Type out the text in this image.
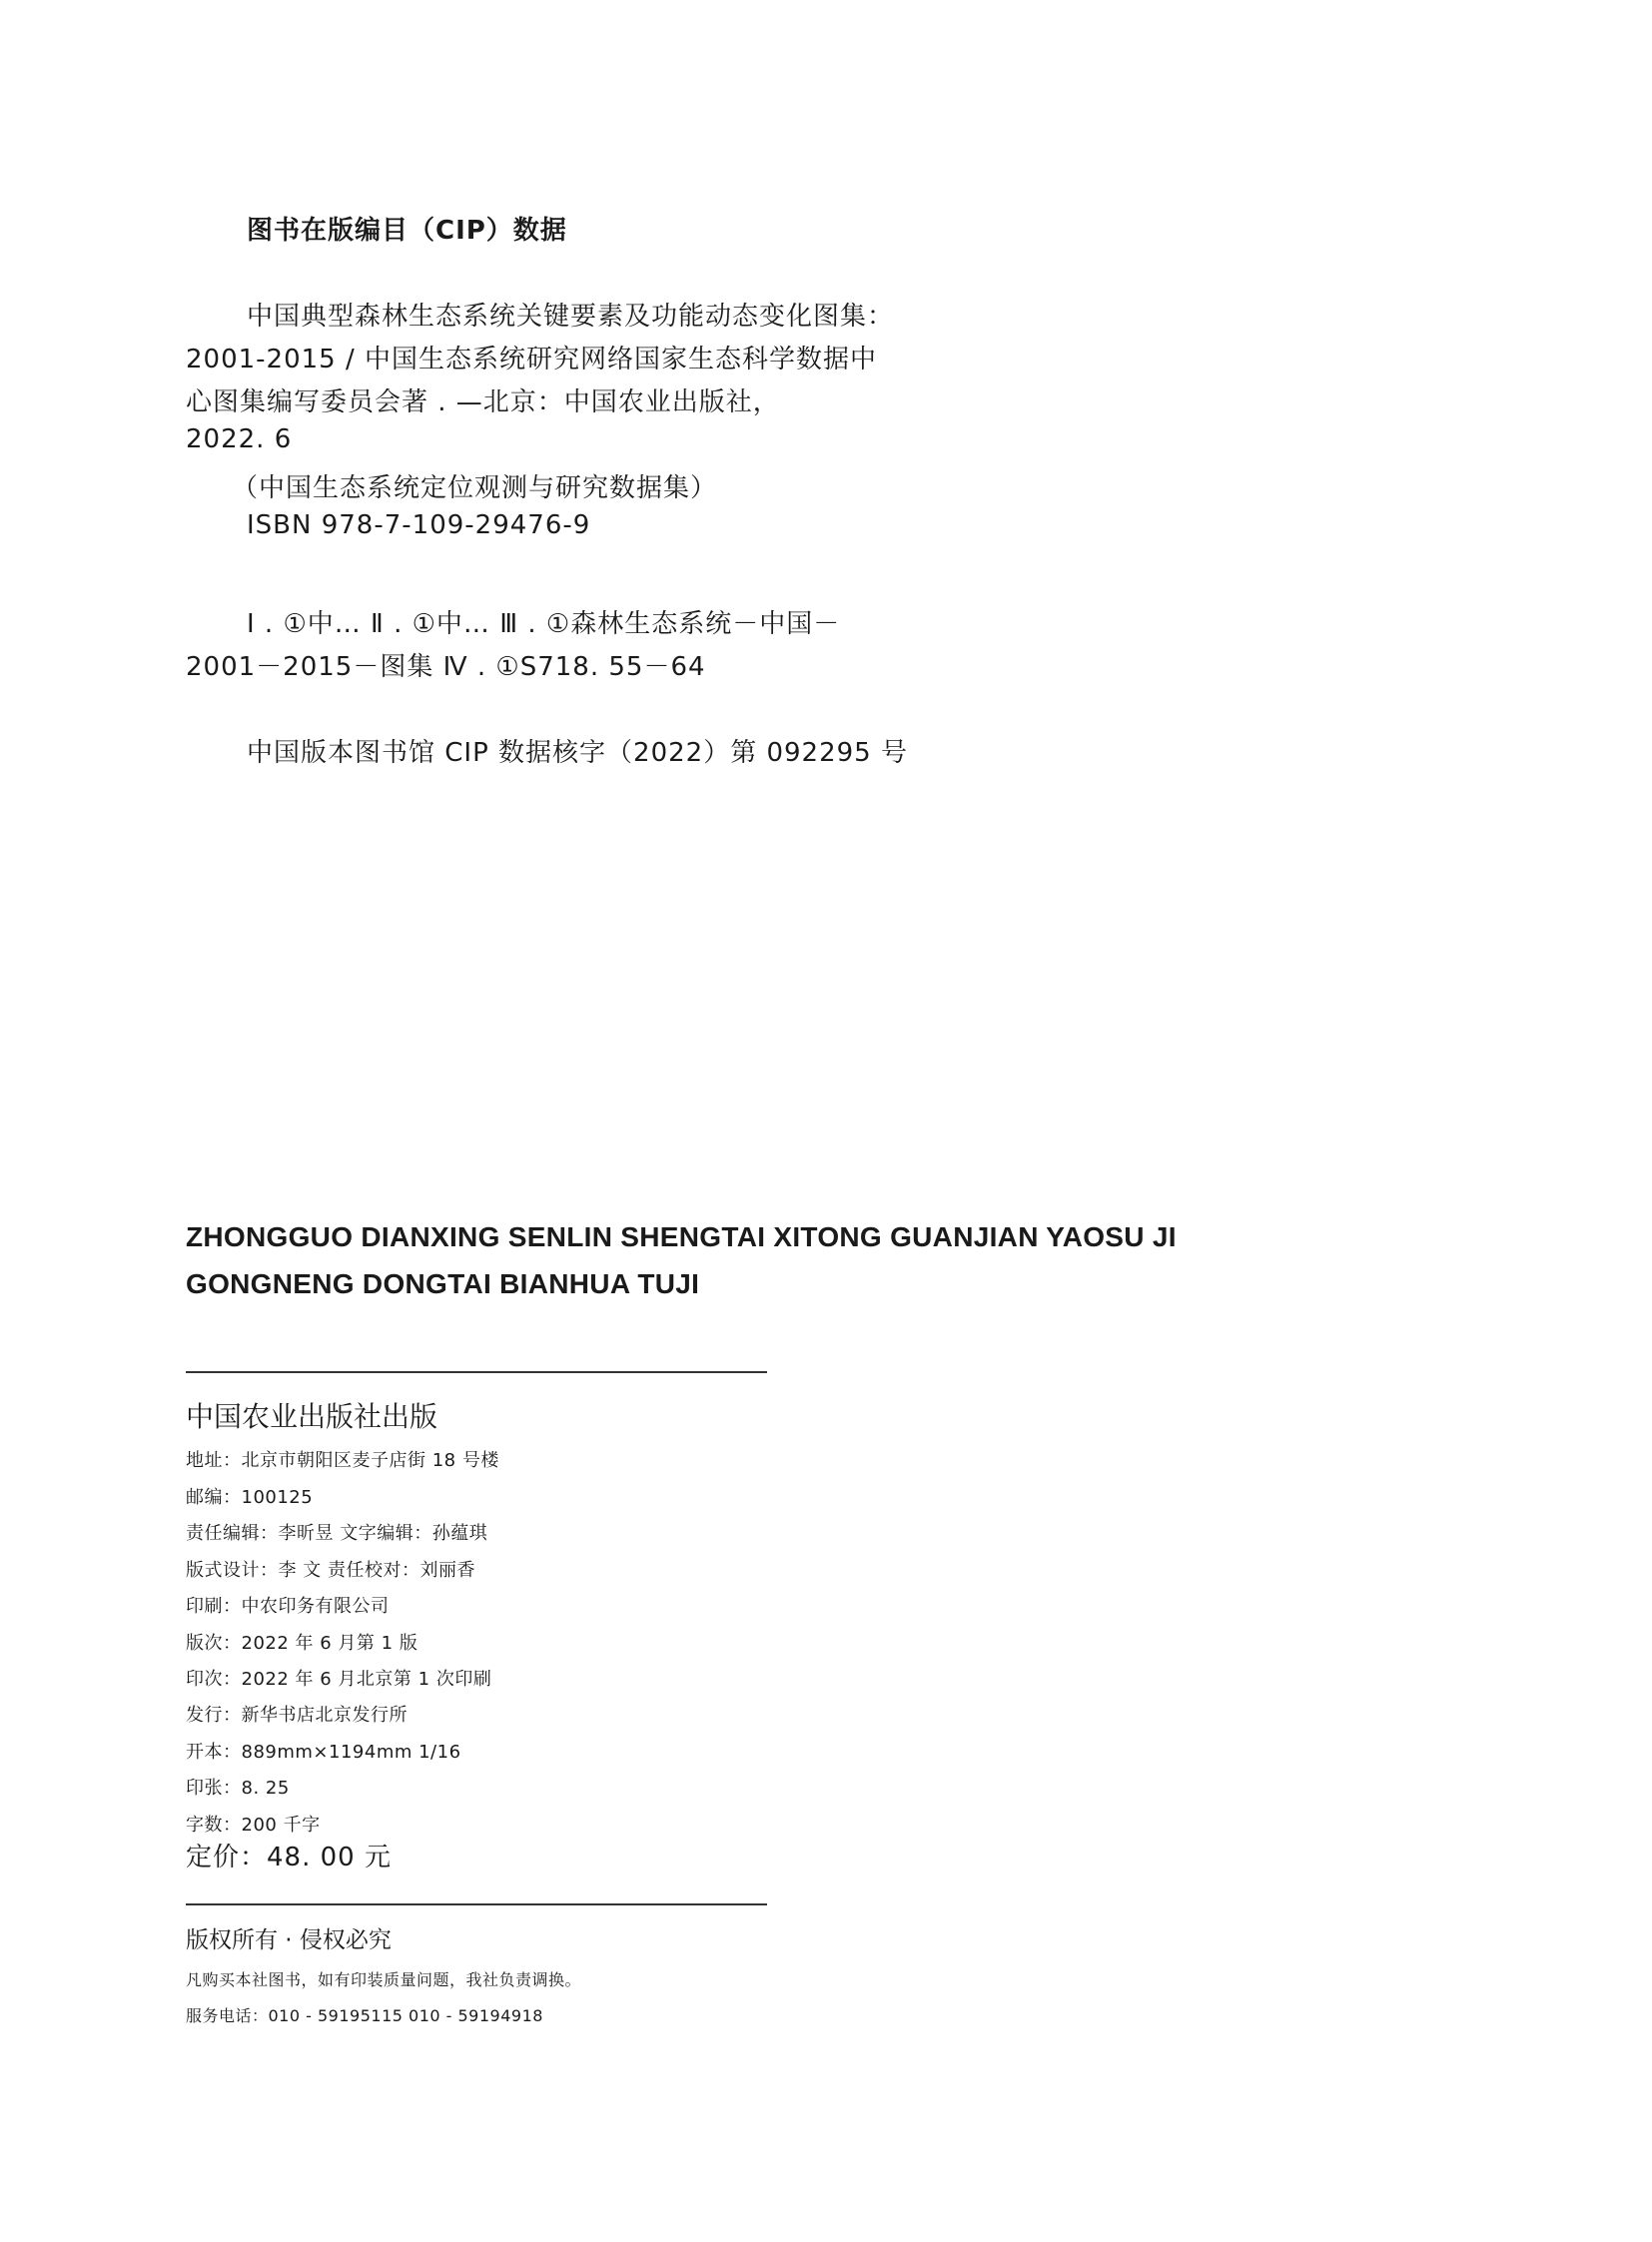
图书在版编目（CIP）数据
中国典型森林生态系统关键要素及功能动态变化图集：
2001-2015 / 中国生态系统研究网络国家生态科学数据中
心图集编写委员会著 . —北京：中国农业出版社，
2022. 6
（中国生态系统定位观测与研究数据集）
ISBN 978-7-109-29476-9
Ⅰ . ①中… Ⅱ . ①中… Ⅲ . ①森林生态系统－中国－
2001－2015－图集 Ⅳ . ①S718. 55－64
中国版本图书馆 CIP 数据核字（2022）第 092295 号
ZHONGGUO DIANXING SENLIN SHENGTAI XITONG GUANJIAN YAOSU JI
GONGNENG DONGTAI BIANHUA TUJI
中国农业出版社出版
地址：北京市朝阳区麦子店街 18 号楼
邮编：100125
责任编辑：李昕昱 文字编辑：孙蕴琪
版式设计：李 文 责任校对：刘丽香
印刷：中农印务有限公司
版次：2022 年 6 月第 1 版
印次：2022 年 6 月北京第 1 次印刷
发行：新华书店北京发行所
开本：889mm×1194mm 1/16
印张：8. 25
字数：200 千字
定价：48. 00 元
版权所有 · 侵权必究
凡购买本社图书，如有印装质量问题，我社负责调换。
服务电话：010 - 59195115 010 - 59194918
